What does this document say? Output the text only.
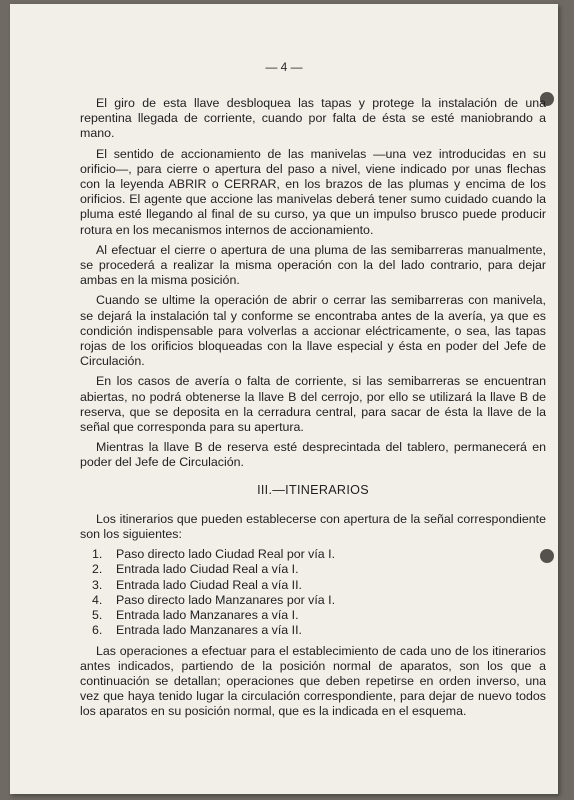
— 4 —

El giro de esta llave desbloquea las tapas y protege la instalación de una repentina llegada de corriente, cuando por falta de ésta se esté maniobrando a mano.

El sentido de accionamiento de las manivelas —una vez introducidas en su orificio—, para cierre o apertura del paso a nivel, viene indicado por unas flechas con la leyenda ABRIR o CERRAR, en los brazos de las plumas y encima de los orificios. El agente que accione las manivelas deberá tener sumo cuidado cuando la pluma esté llegando al final de su curso, ya que un impulso brusco puede producir rotura en los mecanismos internos de accionamiento.

Al efectuar el cierre o apertura de una pluma de las semibarreras manualmente, se procederá a realizar la misma operación con la del lado contrario, para dejar ambas en la misma posición.

Cuando se ultime la operación de abrir o cerrar las semibarreras con manivela, se dejará la instalación tal y conforme se encontraba antes de la avería, ya que es condición indispensable para volverlas a accionar eléctricamente, o sea, las tapas rojas de los orificios bloqueadas con la llave especial y ésta en poder del Jefe de Circulación.

En los casos de avería o falta de corriente, si las semibarreras se encuentran abiertas, no podrá obtenerse la llave B del cerrojo, por ello se utilizará la llave B de reserva, que se deposita en la cerradura central, para sacar de ésta la llave de la señal que corresponda para su apertura.

Mientras la llave B de reserva esté desprecintada del tablero, permanecerá en poder del Jefe de Circulación.

III.—ITINERARIOS

Los itinerarios que pueden establecerse con apertura de la señal correspondiente son los siguientes:

1.	Paso directo lado Ciudad Real por vía I.
2.	Entrada lado Ciudad Real a vía I.
3.	Entrada lado Ciudad Real a vía II.
4.	Paso directo lado Manzanares por vía I.
5.	Entrada lado Manzanares a vía I.
6.	Entrada lado Manzanares a vía II.

Las operaciones a efectuar para el establecimiento de cada uno de los itinerarios antes indicados, partiendo de la posición normal de aparatos, son los que a continuación se detallan; operaciones que deben repetirse en orden inverso, una vez que haya tenido lugar la circulación correspondiente, para dejar de nuevo todos los aparatos en su posición normal, que es la indicada en el esquema.
